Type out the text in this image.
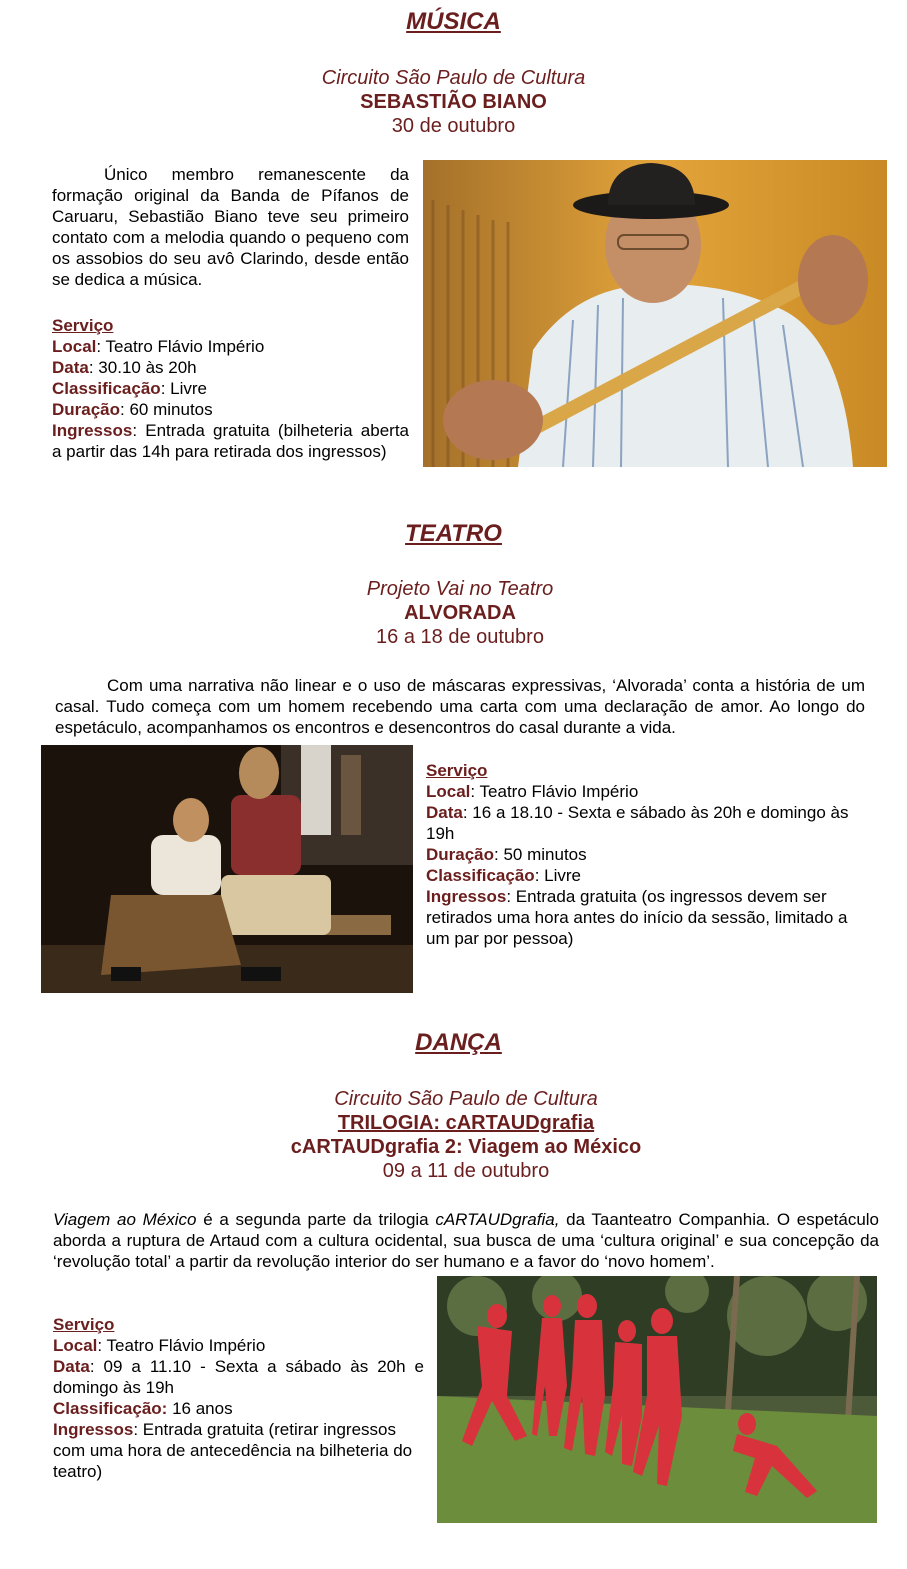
MÚSICA
Circuito São Paulo de Cultura
SEBASTIÃO BIANO
30 de outubro
Único membro remanescente da formação original da Banda de Pífanos de Caruaru, Sebastião Biano teve seu primeiro contato com a melodia quando o pequeno com os assobios do seu avô Clarindo, desde então se dedica a música.
Serviço
Local: Teatro Flávio Império
Data: 30.10 às 20h
Classificação: Livre
Duração: 60 minutos
Ingressos: Entrada gratuita (bilheteria aberta a partir das 14h para retirada dos ingressos)
TEATRO
Projeto Vai no Teatro
ALVORADA
16 a 18 de outubro
Com uma narrativa não linear e o uso de máscaras expressivas, ‘Alvorada’ conta a história de um casal. Tudo começa com um homem recebendo uma carta com uma declaração de amor. Ao longo do espetáculo, acompanhamos os encontros e desencontros do casal durante a vida.
Serviço
Local: Teatro Flávio Império
Data: 16 a 18.10 - Sexta e sábado às 20h e domingo às 19h
Duração: 50 minutos
Classificação: Livre
Ingressos: Entrada gratuita (os ingressos devem ser retirados uma hora antes do início da sessão, limitado a um par por pessoa)
DANÇA
Circuito São Paulo de Cultura
TRILOGIA: cARTAUDgrafia
cARTAUDgrafia 2: Viagem ao México
09 a 11 de outubro
Viagem ao México é a segunda parte da trilogia cARTAUDgrafia, da Taanteatro Companhia. O espetáculo aborda a ruptura de Artaud com a cultura ocidental, sua busca de uma ‘cultura original’ e sua concepção da ‘revolução total’ a partir da revolução interior do ser humano e a favor do ‘novo homem’.
Serviço
Local: Teatro Flávio Império
Data: 09 a 11.10 - Sexta a sábado às 20h e domingo às 19h
Classificação: 16 anos
Ingressos: Entrada gratuita (retirar ingressos com uma hora de antecedência na bilheteria do teatro)
